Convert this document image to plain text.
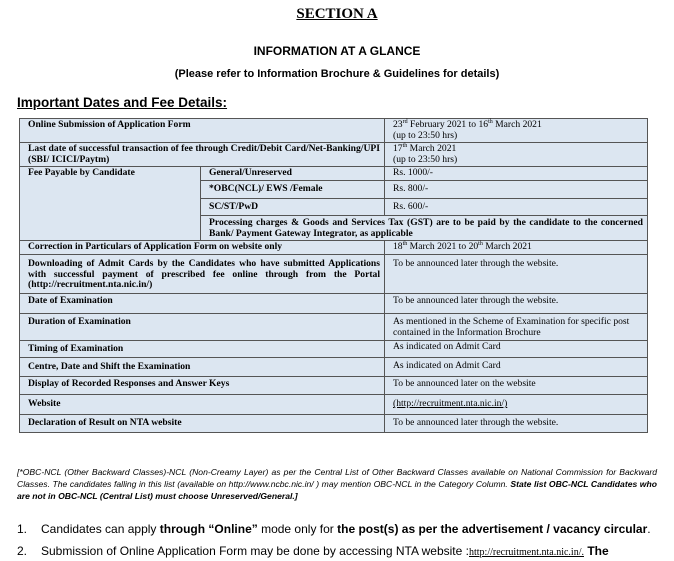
SECTION A
INFORMATION AT A GLANCE
(Please refer to Information Brochure & Guidelines for details)
Important Dates and Fee Details:
Online Submission of Application Form		23rd February 2021 to 16th March 2021
(up to 23:50 hrs)
Last date of successful transaction of fee through Credit/Debit Card/Net-Banking/UPI (SBI/ ICICI/Paytm)		17th March 2021
(up to 23:50 hrs)
Fee Payable by Candidate	General/Unreserved	Rs. 1000/-
	*OBC(NCL)/ EWS /Female	Rs. 800/-
	SC/ST/PwD	Rs. 600/-
	Processing charges & Goods and Services Tax (GST) are to be paid by the candidate to the concerned Bank/ Payment Gateway Integrator, as applicable	
Correction in Particulars of Application Form on website only		18th March 2021 to 20th March 2021
Downloading of Admit Cards by the Candidates who have submitted Applications with successful payment of prescribed fee online through from the Portal (http://recruitment.nta.nic.in/)		To be announced later through the website.
Date of Examination		To be announced later through the website.
Duration of Examination		As mentioned in the Scheme of Examination for specific post contained in the Information Brochure
Timing of Examination		As indicated on Admit Card
Centre, Date and Shift the Examination		As indicated on Admit Card
Display of Recorded Responses and Answer Keys		To be announced later on the website
Website		(http://recruitment.nta.nic.in/)
Declaration of Result on NTA website		To be announced later through the website.
[*OBC-NCL (Other Backward Classes)-NCL (Non-Creamy Layer) as per the Central List of Other Backward Classes available on National Commission for Backward Classes. The candidates falling in this list (available on http://www.ncbc.nic.in/ ) may mention OBC-NCL in the Category Column. State list OBC-NCL Candidates who are not in OBC-NCL (Central List) must choose Unreserved/General.]
1. Candidates can apply through “Online” mode only for the post(s) as per the advertisement / vacancy circular.
2. Submission of Online Application Form may be done by accessing NTA website :http://recruitment.nta.nic.in/. The
